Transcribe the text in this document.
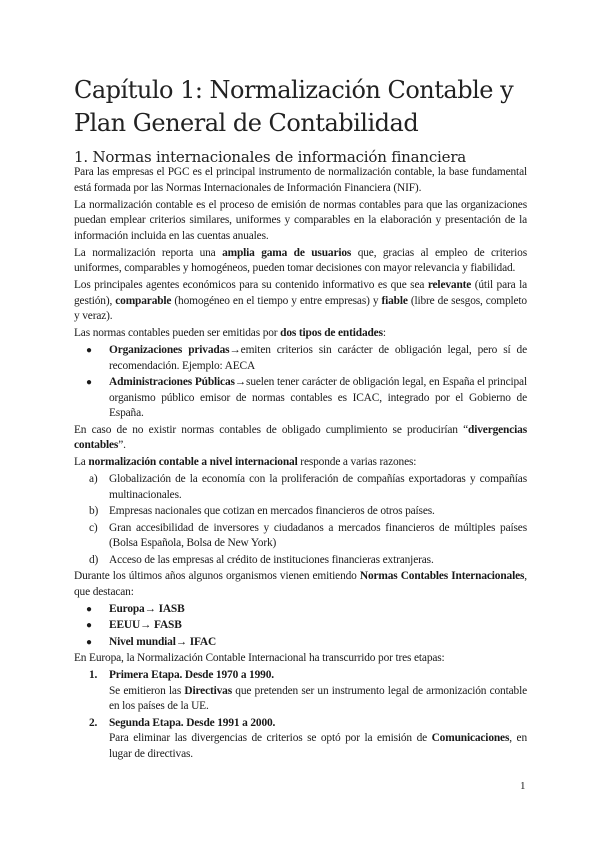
Capítulo 1: Normalización Contable y Plan General de Contabilidad
1. Normas internacionales de información financiera

Para las empresas el PGC es el principal instrumento de normalización contable, la base fundamental está formada por las Normas Internacionales de Información Financiera (NIF).

La normalización contable es el proceso de emisión de normas contables para que las organizaciones puedan emplear criterios similares, uniformes y comparables en la elaboración y presentación de la información incluida en las cuentas anuales.

La normalización reporta una amplia gama de usuarios que, gracias al empleo de criterios uniformes, comparables y homogéneos, pueden tomar decisiones con mayor relevancia y fiabilidad.

Los principales agentes económicos para su contenido informativo es que sea relevante (útil para la gestión), comparable (homogéneo en el tiempo y entre empresas) y fiable (libre de sesgos, completo y veraz).

Las normas contables pueden ser emitidas por dos tipos de entidades:

● Organizaciones privadas→emiten criterios sin carácter de obligación legal, pero sí de recomendación. Ejemplo: AECA
● Administraciones Públicas→suelen tener carácter de obligación legal, en España el principal organismo público emisor de normas contables es ICAC, integrado por el Gobierno de España.

En caso de no existir normas contables de obligado cumplimiento se producirían “divergencias contables”.

La normalización contable a nivel internacional responde a varias razones:

a) Globalización de la economía con la proliferación de compañías exportadoras y compañías multinacionales.
b) Empresas nacionales que cotizan en mercados financieros de otros países.
c) Gran accesibilidad de inversores y ciudadanos a mercados financieros de múltiples países (Bolsa Española, Bolsa de New York)
d) Acceso de las empresas al crédito de instituciones financieras extranjeras.

Durante los últimos años algunos organismos vienen emitiendo Normas Contables Internacionales, que destacan:

● Europa→ IASB
● EEUU→ FASB
● Nivel mundial→ IFAC

En Europa, la Normalización Contable Internacional ha transcurrido por tres etapas:

1. Primera Etapa. Desde 1970 a 1990.
Se emitieron las Directivas que pretenden ser un instrumento legal de armonización contable en los países de la UE.
2. Segunda Etapa. Desde 1991 a 2000.
Para eliminar las divergencias de criterios se optó por la emisión de Comunicaciones, en lugar de directivas.
1
